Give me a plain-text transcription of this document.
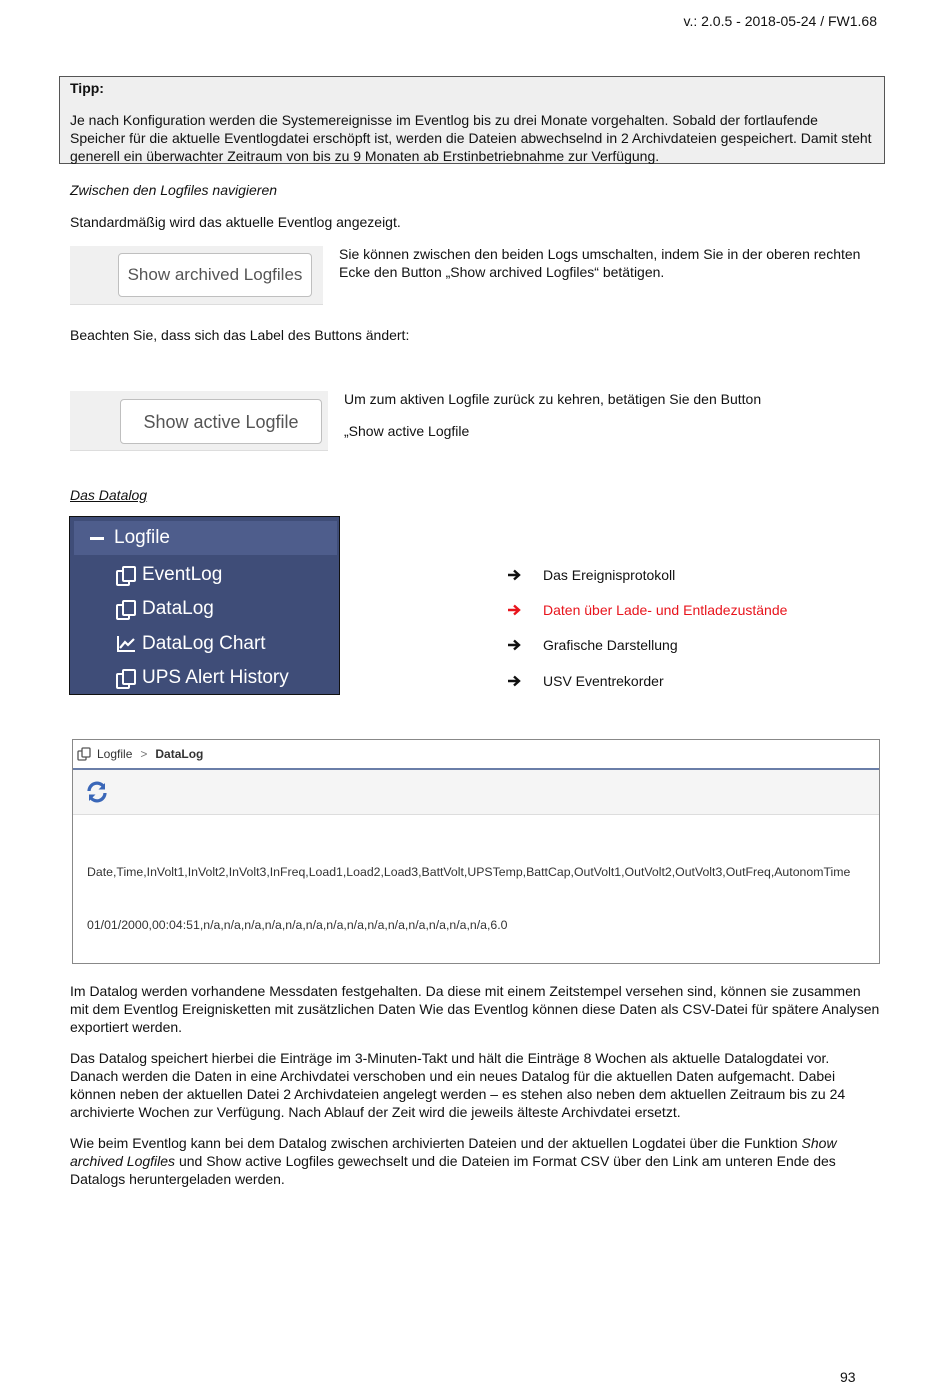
v.: 2.0.5 - 2018-05-24 / FW1.68
Tipp:
Je nach Konfiguration werden die Systemereignisse im Eventlog bis zu drei Monate vorgehalten. Sobald der fortlaufende Speicher für die aktuelle Eventlogdatei erschöpft ist, werden die Dateien abwechselnd in 2 Archivdateien gespeichert. Damit steht generell ein überwachter Zeitraum von bis zu 9 Monaten ab Erstinbetriebnahme zur Verfügung.
Zwischen den Logfiles navigieren
Standardmäßig wird das aktuelle Eventlog angezeigt.
Show archived Logfiles
Sie können zwischen den beiden Logs umschalten, indem Sie in der oberen rechten Ecke den Button „Show archived Logfiles“ betätigen.
Beachten Sie, dass sich das Label des Buttons ändert:
Show active Logfile
Um zum aktiven Logfile zurück zu kehren, betätigen Sie den Button
„Show active Logfile
Das Datalog
Logfile
EventLog
DataLog
DataLog Chart
UPS Alert History
Das Ereignisprotokoll
Daten über Lade- und Entladezustände
Grafische Darstellung
USV Eventrekorder
Logfile > DataLog

Date,Time,InVolt1,InVolt2,InVolt3,InFreq,Load1,Load2,Load3,BattVolt,UPSTemp,BattCap,OutVolt1,OutVolt2,OutVolt3,OutFreq,AutonomTime

01/01/2000,00:04:51,n/a,n/a,n/a,n/a,n/a,n/a,n/a,n/a,n/a,n/a,n/a,n/a,n/a,n/a,6.0

Im Datalog werden vorhandene Messdaten festgehalten. Da diese mit einem Zeitstempel versehen sind, können sie zusammen mit dem Eventlog Ereignisketten mit zusätzlichen Daten Wie das Eventlog können diese Daten als CSV-Datei für spätere Analysen exportiert werden.
Das Datalog speichert hierbei die Einträge im 3-Minuten-Takt und hält die Einträge 8 Wochen als aktuelle Datalogdatei vor. Danach werden die Daten in eine Archivdatei verschoben und ein neues Datalog für die aktuellen Daten aufgemacht. Dabei können neben der aktuellen Datei 2 Archivdateien angelegt werden – es stehen also neben dem aktuellen Zeitraum bis zu 24 archivierte Wochen zur Verfügung. Nach Ablauf der Zeit wird die jeweils älteste Archivdatei ersetzt.
Wie beim Eventlog kann bei dem Datalog zwischen archivierten Dateien und der aktuellen Logdatei über die Funktion Show archived Logfiles und Show active Logfiles gewechselt und die Dateien im Format CSV über den Link am unteren Ende des Datalogs heruntergeladen werden.
93
